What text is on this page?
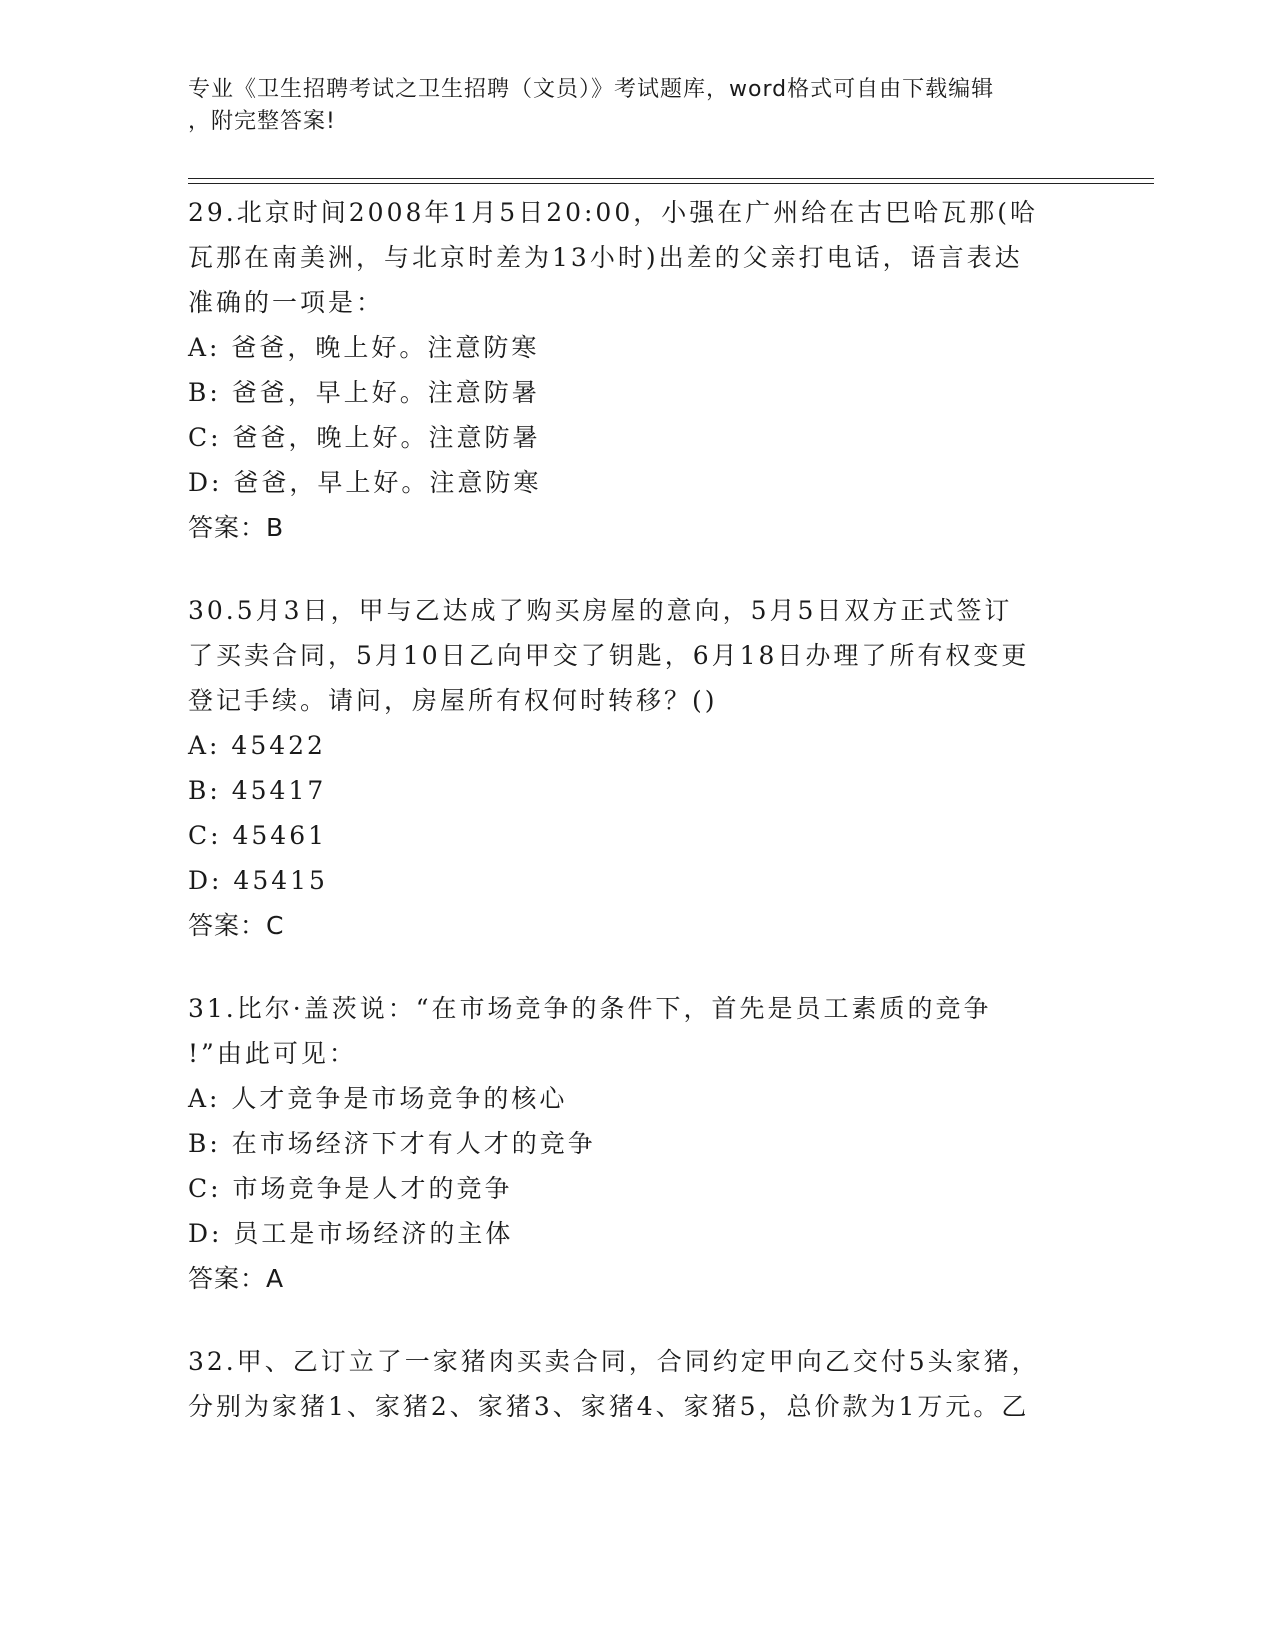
专业《卫生招聘考试之卫生招聘（文员）》考试题库，word格式可自由下载编辑
，附完整答案!

29.北京时间2008年1月5日20:00，小强在广州给在古巴哈瓦那(哈

瓦那在南美洲，与北京时差为13小时)出差的父亲打电话，语言表达

准确的一项是：

A: 爸爸，晚上好。注意防寒

B: 爸爸，早上好。注意防暑

C: 爸爸，晚上好。注意防暑

D: 爸爸，早上好。注意防寒

答案：B

30.5月3日，甲与乙达成了购买房屋的意向，5月5日双方正式签订

了买卖合同，5月10日乙向甲交了钥匙，6月18日办理了所有权变更

登记手续。请问，房屋所有权何时转移？()

A: 45422

B: 45417

C: 45461

D: 45415

答案：C

31.比尔·盖茨说：“在市场竞争的条件下，首先是员工素质的竞争

!”由此可见：

A: 人才竞争是市场竞争的核心

B: 在市场经济下才有人才的竞争

C: 市场竞争是人才的竞争

D: 员工是市场经济的主体

答案：A

32.甲、乙订立了一家猪肉买卖合同，合同约定甲向乙交付5头家猪，

分别为家猪1、家猪2、家猪3、家猪4、家猪5，总价款为1万元。乙
